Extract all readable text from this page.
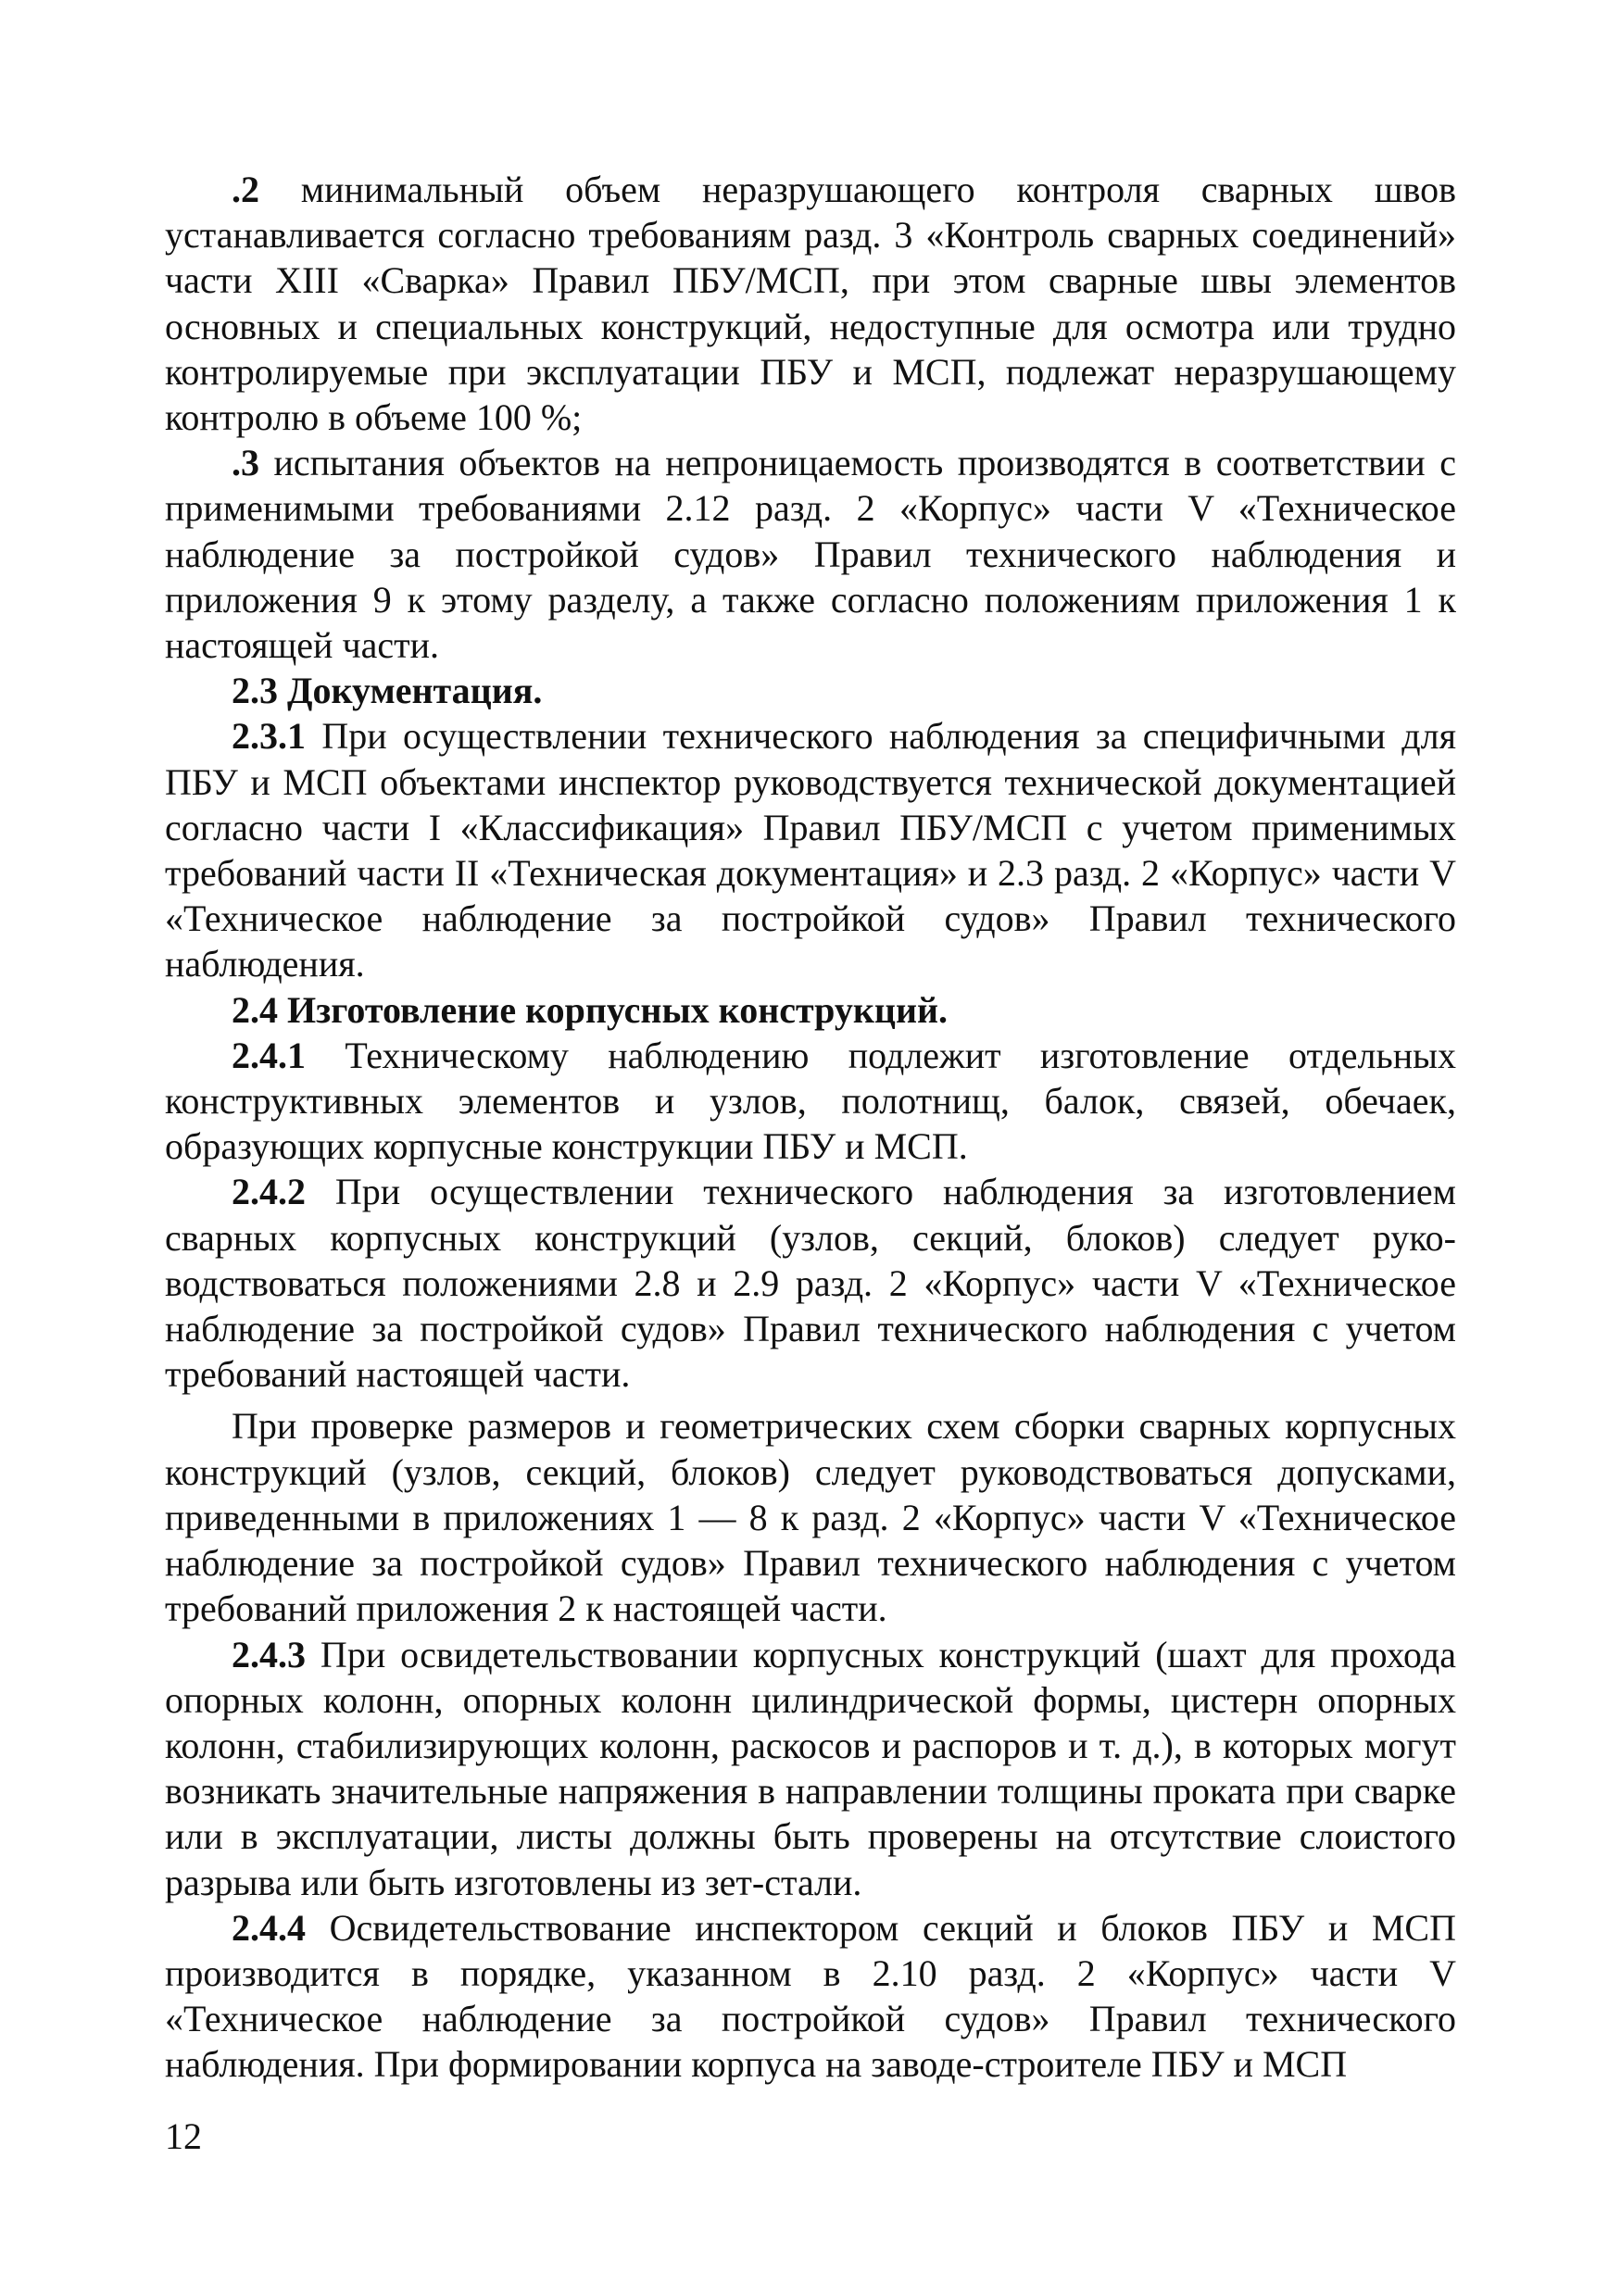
.2 минимальный объем неразрушающего контроля сварных швов устанавливается согласно требованиям разд. 3 «Контроль сварных соединений» части XIII «Сварка» Правил ПБУ/МСП, при этом сварные швы элементов основных и специальных конструкций, недоступные для осмотра или трудно контролируемые при эксплуатации ПБУ и МСП, подлежат неразрушающему контролю в объеме 100 %;

.3 испытания объектов на непроницаемость производятся в соответствии с применимыми требованиями 2.12 разд. 2 «Корпус» части V «Техническое наблюдение за постройкой судов» Правил технического наблюдения и приложения 9 к этому разделу, а также согласно положениям приложения 1 к настоящей части.

2.3 Документация.

2.3.1 При осуществлении технического наблюдения за специфичными для ПБУ и МСП объектами инспектор руководствуется технической документацией согласно части I «Классификация» Правил ПБУ/МСП с учетом применимых требований части II «Техническая документация» и 2.3 разд. 2 «Корпус» части V «Техническое наблюдение за постройкой судов» Правил технического наблюдения.

2.4 Изготовление корпусных конструкций.

2.4.1 Техническому наблюдению подлежит изготовление отдельных конструктивных элементов и узлов, полотнищ, балок, связей, обечаек, образующих корпусные конструкции ПБУ и МСП.

2.4.2 При осуществлении технического наблюдения за изготовлением сварных корпусных конструкций (узлов, секций, блоков) следует руководствоваться положениями 2.8 и 2.9 разд. 2 «Корпус» части V «Техническое наблюдение за постройкой судов» Правил технического наблюдения с учетом требований настоящей части.

При проверке размеров и геометрических схем сборки сварных корпусных конструкций (узлов, секций, блоков) следует руководствоваться допусками, приведенными в приложениях 1 — 8 к разд. 2 «Корпус» части V «Техническое наблюдение за постройкой судов» Правил технического наблюдения с учетом требований приложения 2 к настоящей части.

2.4.3 При освидетельствовании корпусных конструкций (шахт для прохода опорных колонн, опорных колонн цилиндрической формы, цистерн опорных колонн, стабилизирующих колонн, раскосов и распоров и т. д.), в которых могут возникать значительные напряжения в направлении толщины проката при сварке или в эксплуатации, листы должны быть проверены на отсутствие слоистого разрыва или быть изготовлены из зет-стали.

2.4.4 Освидетельствование инспектором секций и блоков ПБУ и МСП производится в порядке, указанном в 2.10 разд. 2 «Корпус» части V «Техническое наблюдение за постройкой судов» Правил технического наблюдения. При формировании корпуса на заводе-строителе ПБУ и МСП

12
